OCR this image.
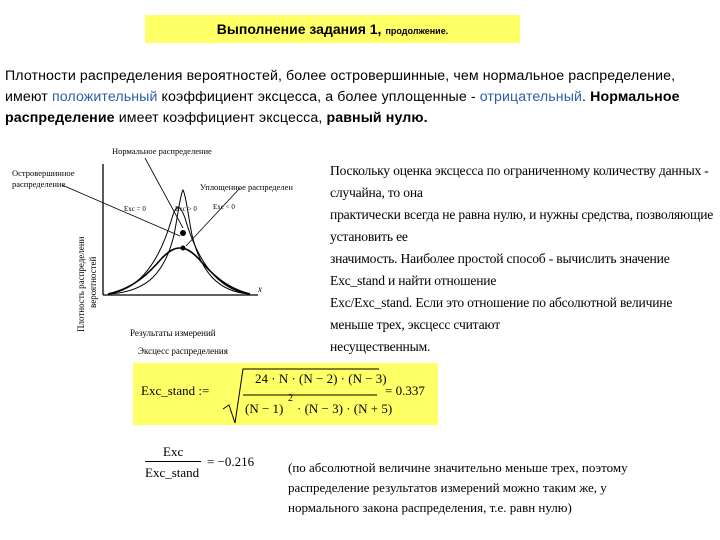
Выполнение задания 1, продолжение.
Плотности распределения вероятностей, более островершинные, чем нормальное распределение, имеют положительный коэффициент эксцесса, а более уплощенные - отрицательный. Нормальное распределение имеет коэффициент эксцесса, равный нулю.
Нормальное распределение
Островершинное
распределение	Уплощенное распределен
Exc = 0	Exc > 0 Exc < 0
x
Результаты измерений
Эксцесс распределения
Плотность распределени вероятностей
Поскольку оценка эксцесса по ограниченному количеству данных - случайна, то она
практически всегда не равна нулю, и нужны средства, позволяющие установить ее
значимость. Наиболее простой способ - вычислить значение Exc_stand и найти отношение
Exc/Exc_stand. Если это отношение по абсолютной величине меньше трех, эксцесс считают
несущественным.
Exc_stand :=
24 · N · (N − 2) · (N − 3)
(N − 1)
2
· (N − 3) · (N + 5)
= 0.337
Exc
Exc_stand
= −0.216	(по абсолютной величине значительно меньше трех, поэтому
распределение результатов измерений можно таким же, у
нормального закона распределения, т.е. равн нулю)
